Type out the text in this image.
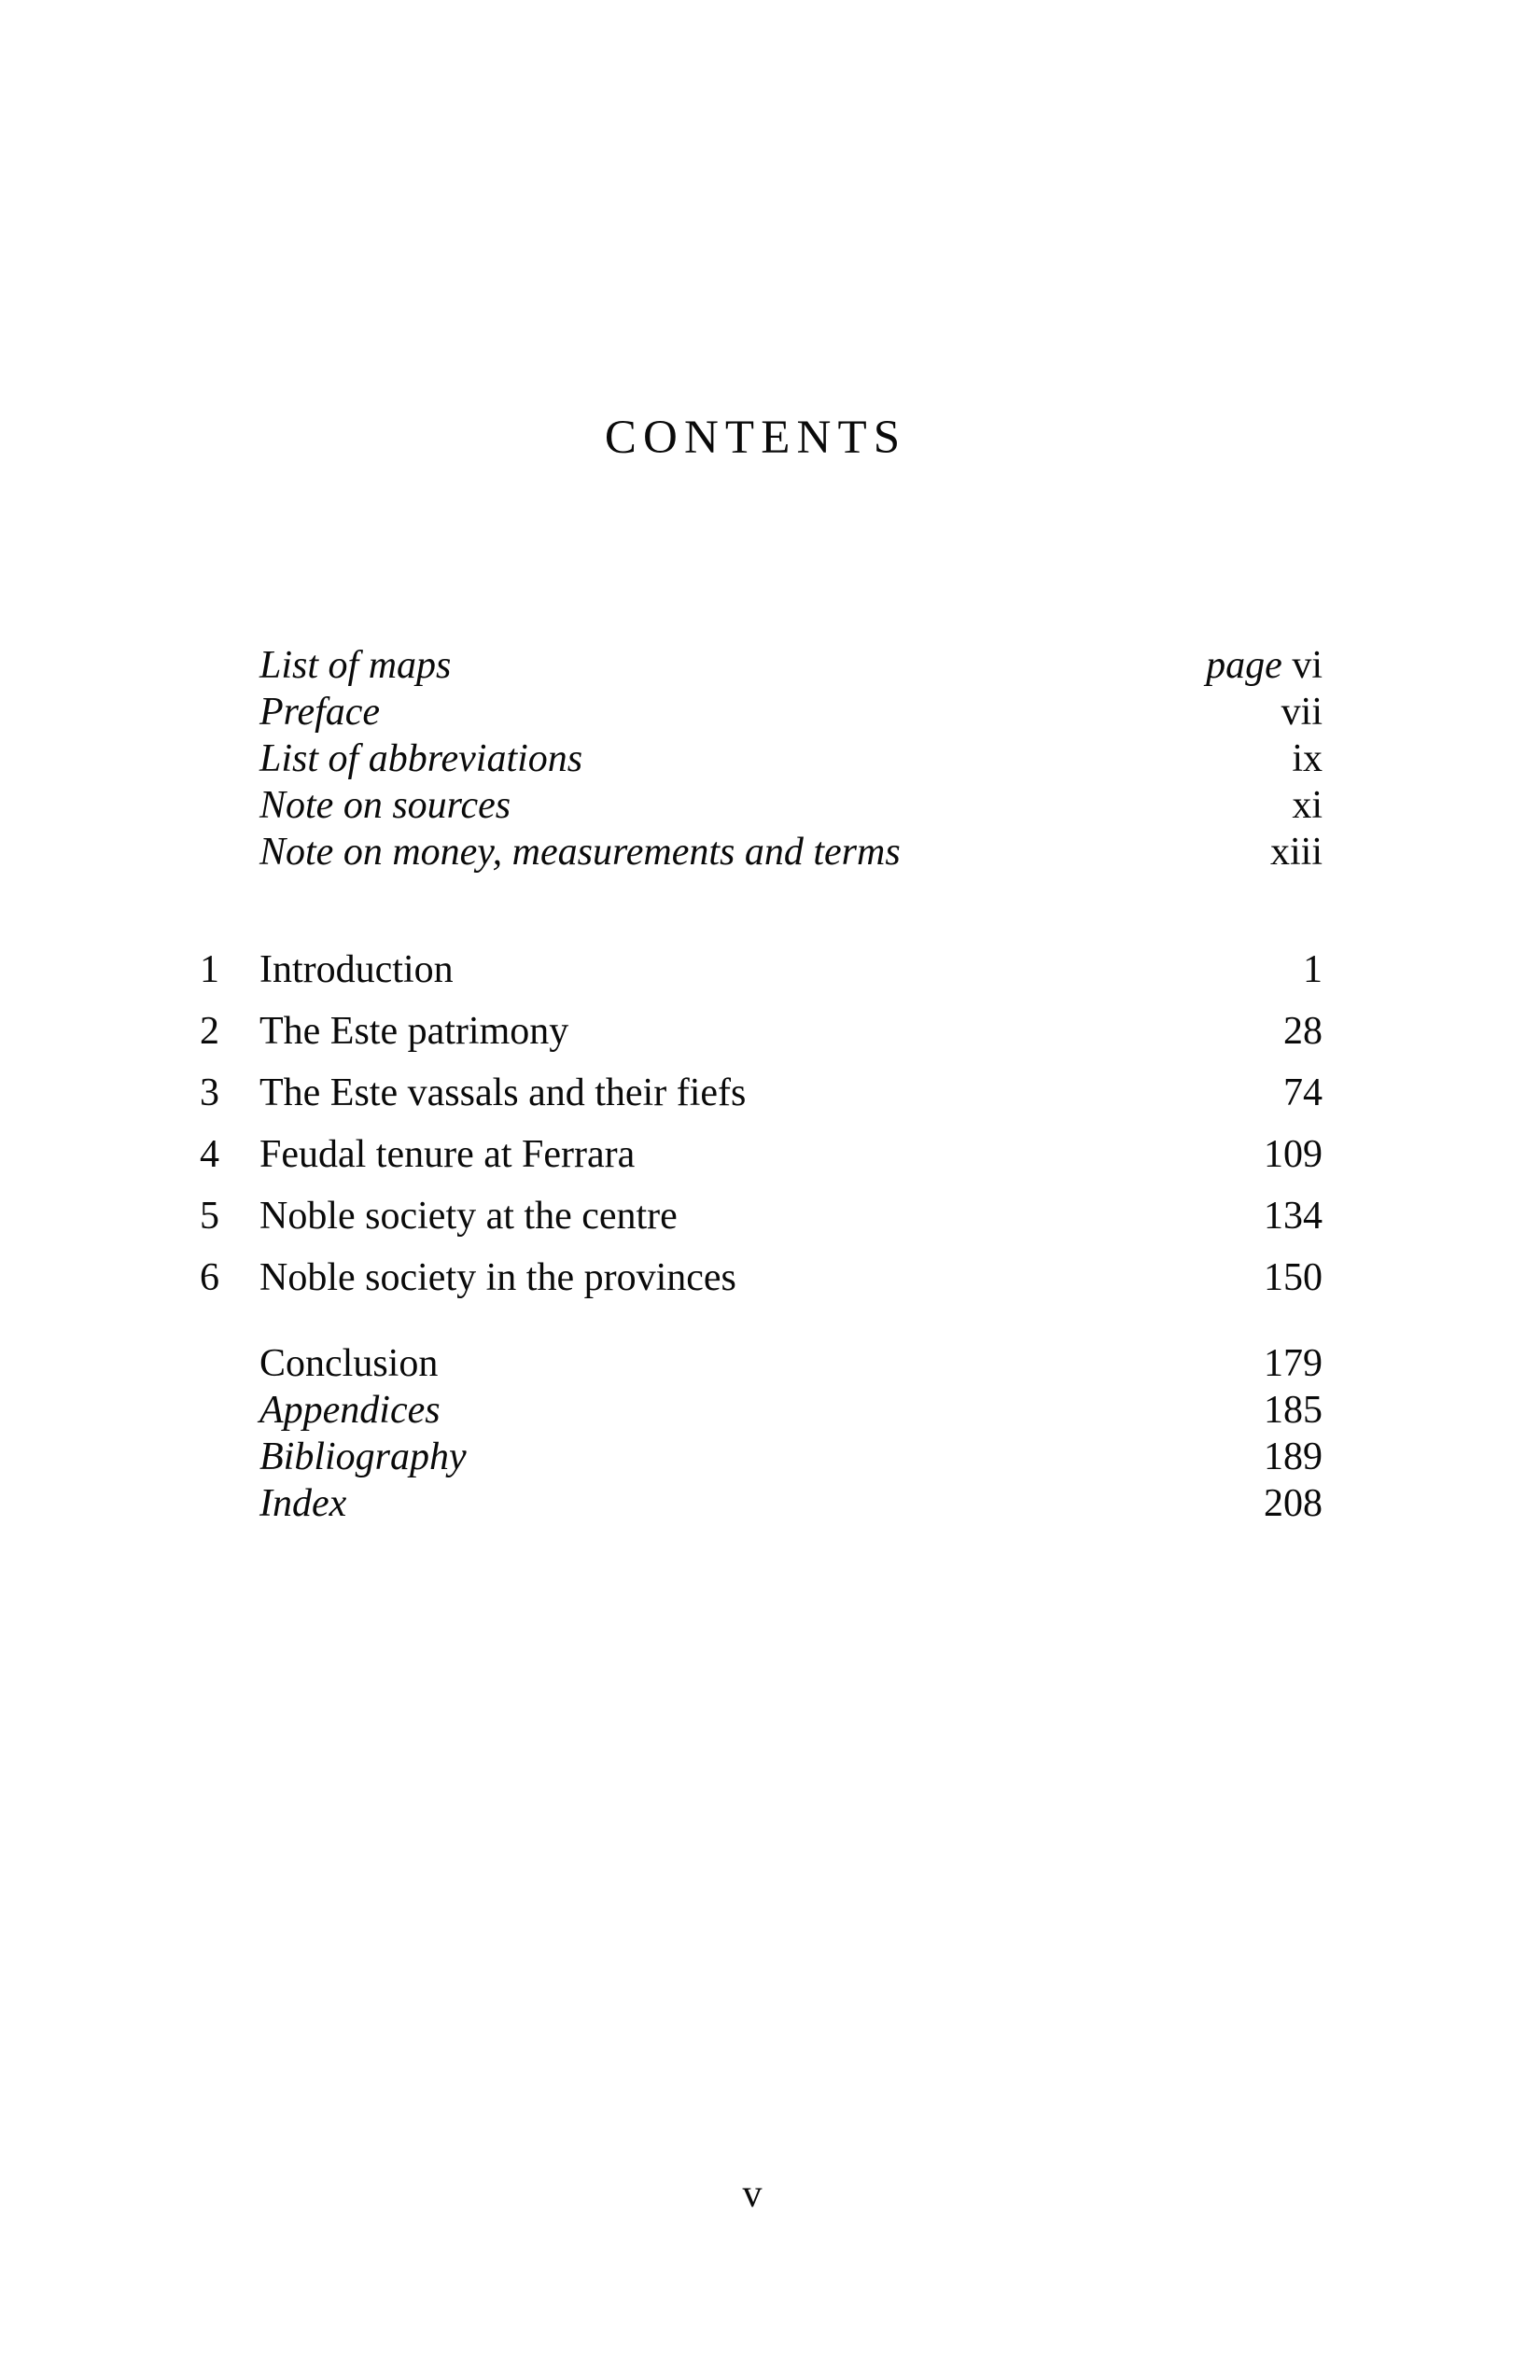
CONTENTS
List of maps	page vi
Preface	vii
List of abbreviations	ix
Note on sources	xi
Note on money, measurements and terms	xiii
1 Introduction	1
2 The Este patrimony	28
3 The Este vassals and their fiefs	74
4 Feudal tenure at Ferrara	109
5 Noble society at the centre	134
6 Noble society in the provinces	150
Conclusion	179
Appendices	185
Bibliography	189
Index	208
v
